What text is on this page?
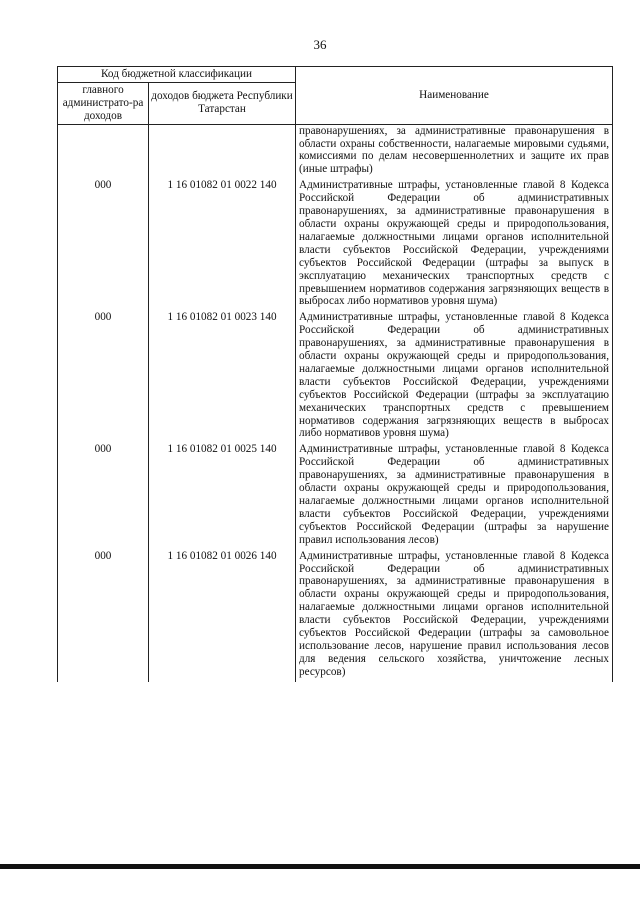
36
Код бюджетной классификации		Наименование
главного администрато-ра доходов	доходов бюджета Республики Татарстан	
		правонарушениях, за административные правонарушения в области охраны собственности, налагаемые мировыми судьями, комиссиями по делам несовершеннолетних и защите их прав (иные штрафы)
000	1 16 01082 01 0022 140	Административные штрафы, установленные главой 8 Кодекса Российской Федерации об административных правонарушениях, за административные правонарушения в области охраны окружающей среды и природопользования, налагаемые должностными лицами органов исполнительной власти субъектов Российской Федерации, учреждениями субъектов Российской Федерации (штрафы за выпуск в эксплуатацию механических транспортных средств с превышением нормативов содержания загрязняющих веществ в выбросах либо нормативов уровня шума)
000	1 16 01082 01 0023 140	Административные штрафы, установленные главой 8 Кодекса Российской Федерации об административных правонарушениях, за административные правонарушения в области охраны окружающей среды и природопользования, налагаемые должностными лицами органов исполнительной власти субъектов Российской Федерации, учреждениями субъектов Российской Федерации (штрафы за эксплуатацию механических транспортных средств с превышением нормативов содержания загрязняющих веществ в выбросах либо нормативов уровня шума)
000	1 16 01082 01 0025 140	Административные штрафы, установленные главой 8 Кодекса Российской Федерации об административных правонарушениях, за административные правонарушения в области охраны окружающей среды и природопользования, налагаемые должностными лицами органов исполнительной власти субъектов Российской Федерации, учреждениями субъектов Российской Федерации (штрафы за нарушение правил использования лесов)
000	1 16 01082 01 0026 140	Административные штрафы, установленные главой 8 Кодекса Российской Федерации об административных правонарушениях, за административные правонарушения в области охраны окружающей среды и природопользования, налагаемые должностными лицами органов исполнительной власти субъектов Российской Федерации, учреждениями субъектов Российской Федерации (штрафы за самовольное использование лесов, нарушение правил использования лесов для ведения сельского хозяйства, уничтожение лесных ресурсов)
